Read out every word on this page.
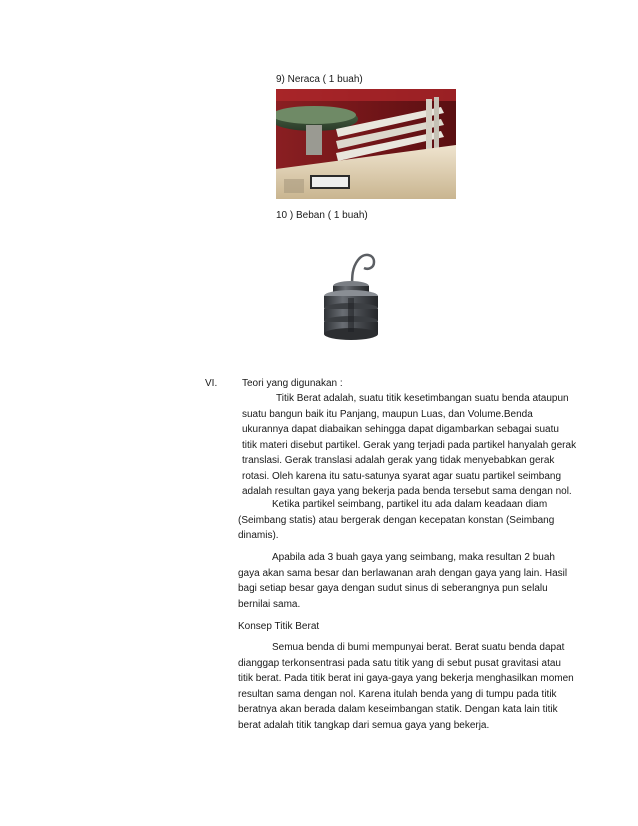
9) Neraca ( 1 buah)
10 ) Beban ( 1 buah)
VI. Teori yang digunakan :
Titik Berat adalah, suatu titik kesetimbangan suatu benda ataupun
suatu bangun baik itu Panjang, maupun Luas, dan Volume.Benda
ukurannya dapat diabaikan sehingga dapat digambarkan sebagai suatu
titik materi disebut partikel. Gerak yang terjadi pada partikel hanyalah gerak
translasi. Gerak translasi adalah gerak yang tidak menyebabkan gerak
rotasi. Oleh karena itu satu-satunya syarat agar suatu partikel seimbang
adalah resultan gaya yang bekerja pada benda tersebut sama dengan nol.
Ketika partikel seimbang, partikel itu ada dalam keadaan diam
(Seimbang statis) atau bergerak dengan kecepatan konstan (Seimbang
dinamis).
Apabila ada 3 buah gaya yang seimbang, maka resultan 2 buah
gaya akan sama besar dan berlawanan arah dengan gaya yang lain. Hasil
bagi setiap besar gaya dengan sudut sinus di seberangnya pun selalu
bernilai sama.
Konsep Titik Berat
Semua benda di bumi mempunyai berat. Berat suatu benda dapat
dianggap terkonsentrasi pada satu titik yang di sebut pusat gravitasi atau
titik berat. Pada titik berat ini gaya-gaya yang bekerja menghasilkan momen
resultan sama dengan nol. Karena itulah benda yang di tumpu pada titik
beratnya akan berada dalam keseimbangan statik. Dengan kata lain titik
berat adalah titik tangkap dari semua gaya yang bekerja.
